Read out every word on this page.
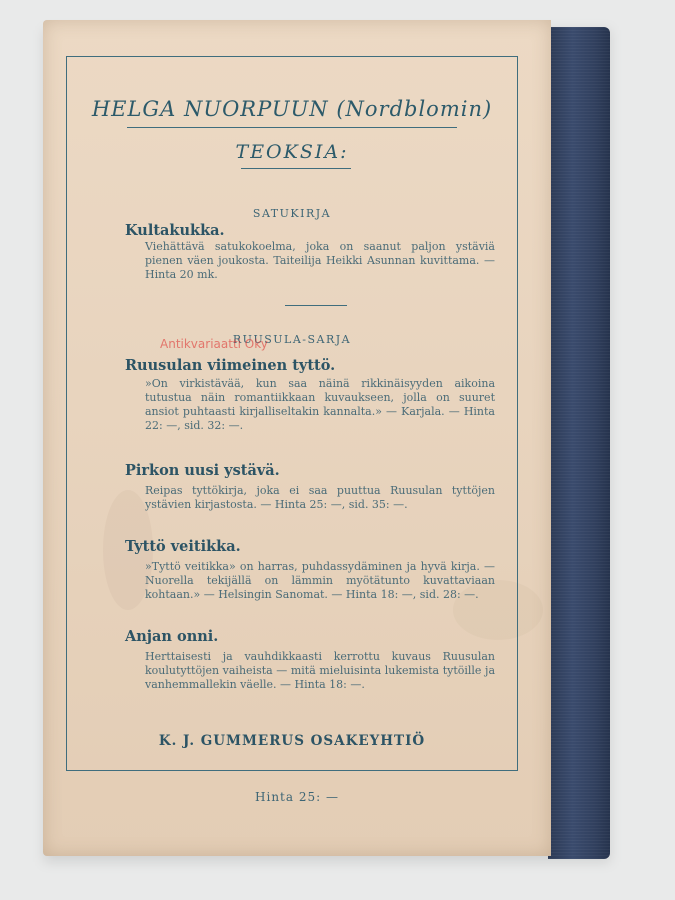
HELGA NUORPUUN (Nordblomin)
TEOKSIA:
SATUKIRJA
Kultakukka.
Viehättävä satukokoelma, joka on saanut paljon ystäviä pienen väen joukosta. Taiteilija Heikki Asunnan kuvittama. — Hinta 20 mk.
RUUSULA-SARJA
Ruusulan viimeinen tyttö.
»On virkistävää, kun saa näinä rikkinäisyyden aikoina tutustua näin romantiikkaan kuvaukseen, jolla on suuret ansiot puhtaasti kirjalliseltakin kannalta.» — Karjala. — Hinta 22: —, sid. 32: —.
Pirkon uusi ystävä.
Reipas tyttökirja, joka ei saa puuttua Ruusulan tyttöjen ystävien kirjastosta. — Hinta 25: —, sid. 35: —.
Tyttö veitikka.
»Tyttö veitikka» on harras, puhdassydäminen ja hyvä kirja. — Nuorella tekijällä on lämmin myötätunto kuvattaviaan kohtaan.» — Helsingin Sanomat. — Hinta 18: —, sid. 28: —.
Anjan onni.
Herttaisesti ja vauhdikkaasti kerrottu kuvaus Ruusulan koulutyttöjen vaiheista — mitä mieluisinta lukemista tytöille ja vanhemmallekin väelle. — Hinta 18: —.
K. J. GUMMERUS OSAKEYHTIÖ
Antikvariaatti Oky
Hinta 25: —
